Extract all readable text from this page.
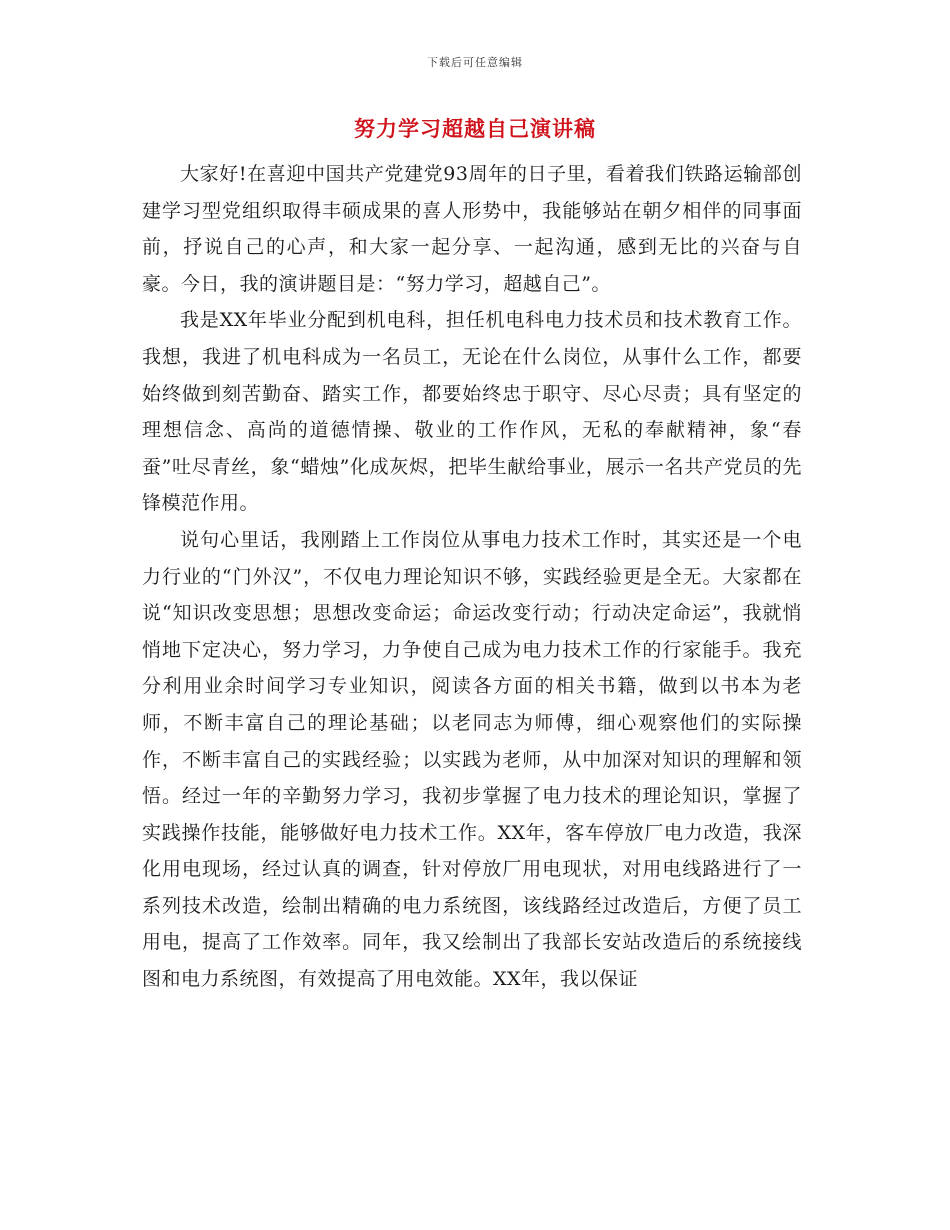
下载后可任意编辑
努力学习超越自己演讲稿

大家好!在喜迎中国共产党建党93周年的日子里，看着我们铁路运输部创建学习型党组织取得丰硕成果的喜人形势中，我能够站在朝夕相伴的同事面前，抒说自己的心声，和大家一起分享、一起沟通，感到无比的兴奋与自豪。今日，我的演讲题目是：“努力学习，超越自己”。

我是XX年毕业分配到机电科，担任机电科电力技术员和技术教育工作。我想，我进了机电科成为一名员工，无论在什么岗位，从事什么工作，都要始终做到刻苦勤奋、踏实工作，都要始终忠于职守、尽心尽责；具有坚定的理想信念、高尚的道德情操、敬业的工作作风，无私的奉献精神，象“春蚕”吐尽青丝，象“蜡烛”化成灰烬，把毕生献给事业，展示一名共产党员的先锋模范作用。

说句心里话，我刚踏上工作岗位从事电力技术工作时，其实还是一个电力行业的“门外汉”，不仅电力理论知识不够，实践经验更是全无。大家都在说“知识改变思想；思想改变命运；命运改变行动；行动决定命运”，我就悄悄地下定决心，努力学习，力争使自己成为电力技术工作的行家能手。我充分利用业余时间学习专业知识，阅读各方面的相关书籍，做到以书本为老师，不断丰富自己的理论基础；以老同志为师傅，细心观察他们的实际操作，不断丰富自己的实践经验；以实践为老师，从中加深对知识的理解和领悟。经过一年的辛勤努力学习，我初步掌握了电力技术的理论知识，掌握了实践操作技能，能够做好电力技术工作。XX年，客车停放厂电力改造，我深化用电现场，经过认真的调查，针对停放厂用电现状，对用电线路进行了一系列技术改造，绘制出精确的电力系统图，该线路经过改造后，方便了员工用电，提高了工作效率。同年，我又绘制出了我部长安站改造后的系统接线图和电力系统图，有效提高了用电效能。XX年，我以保证
